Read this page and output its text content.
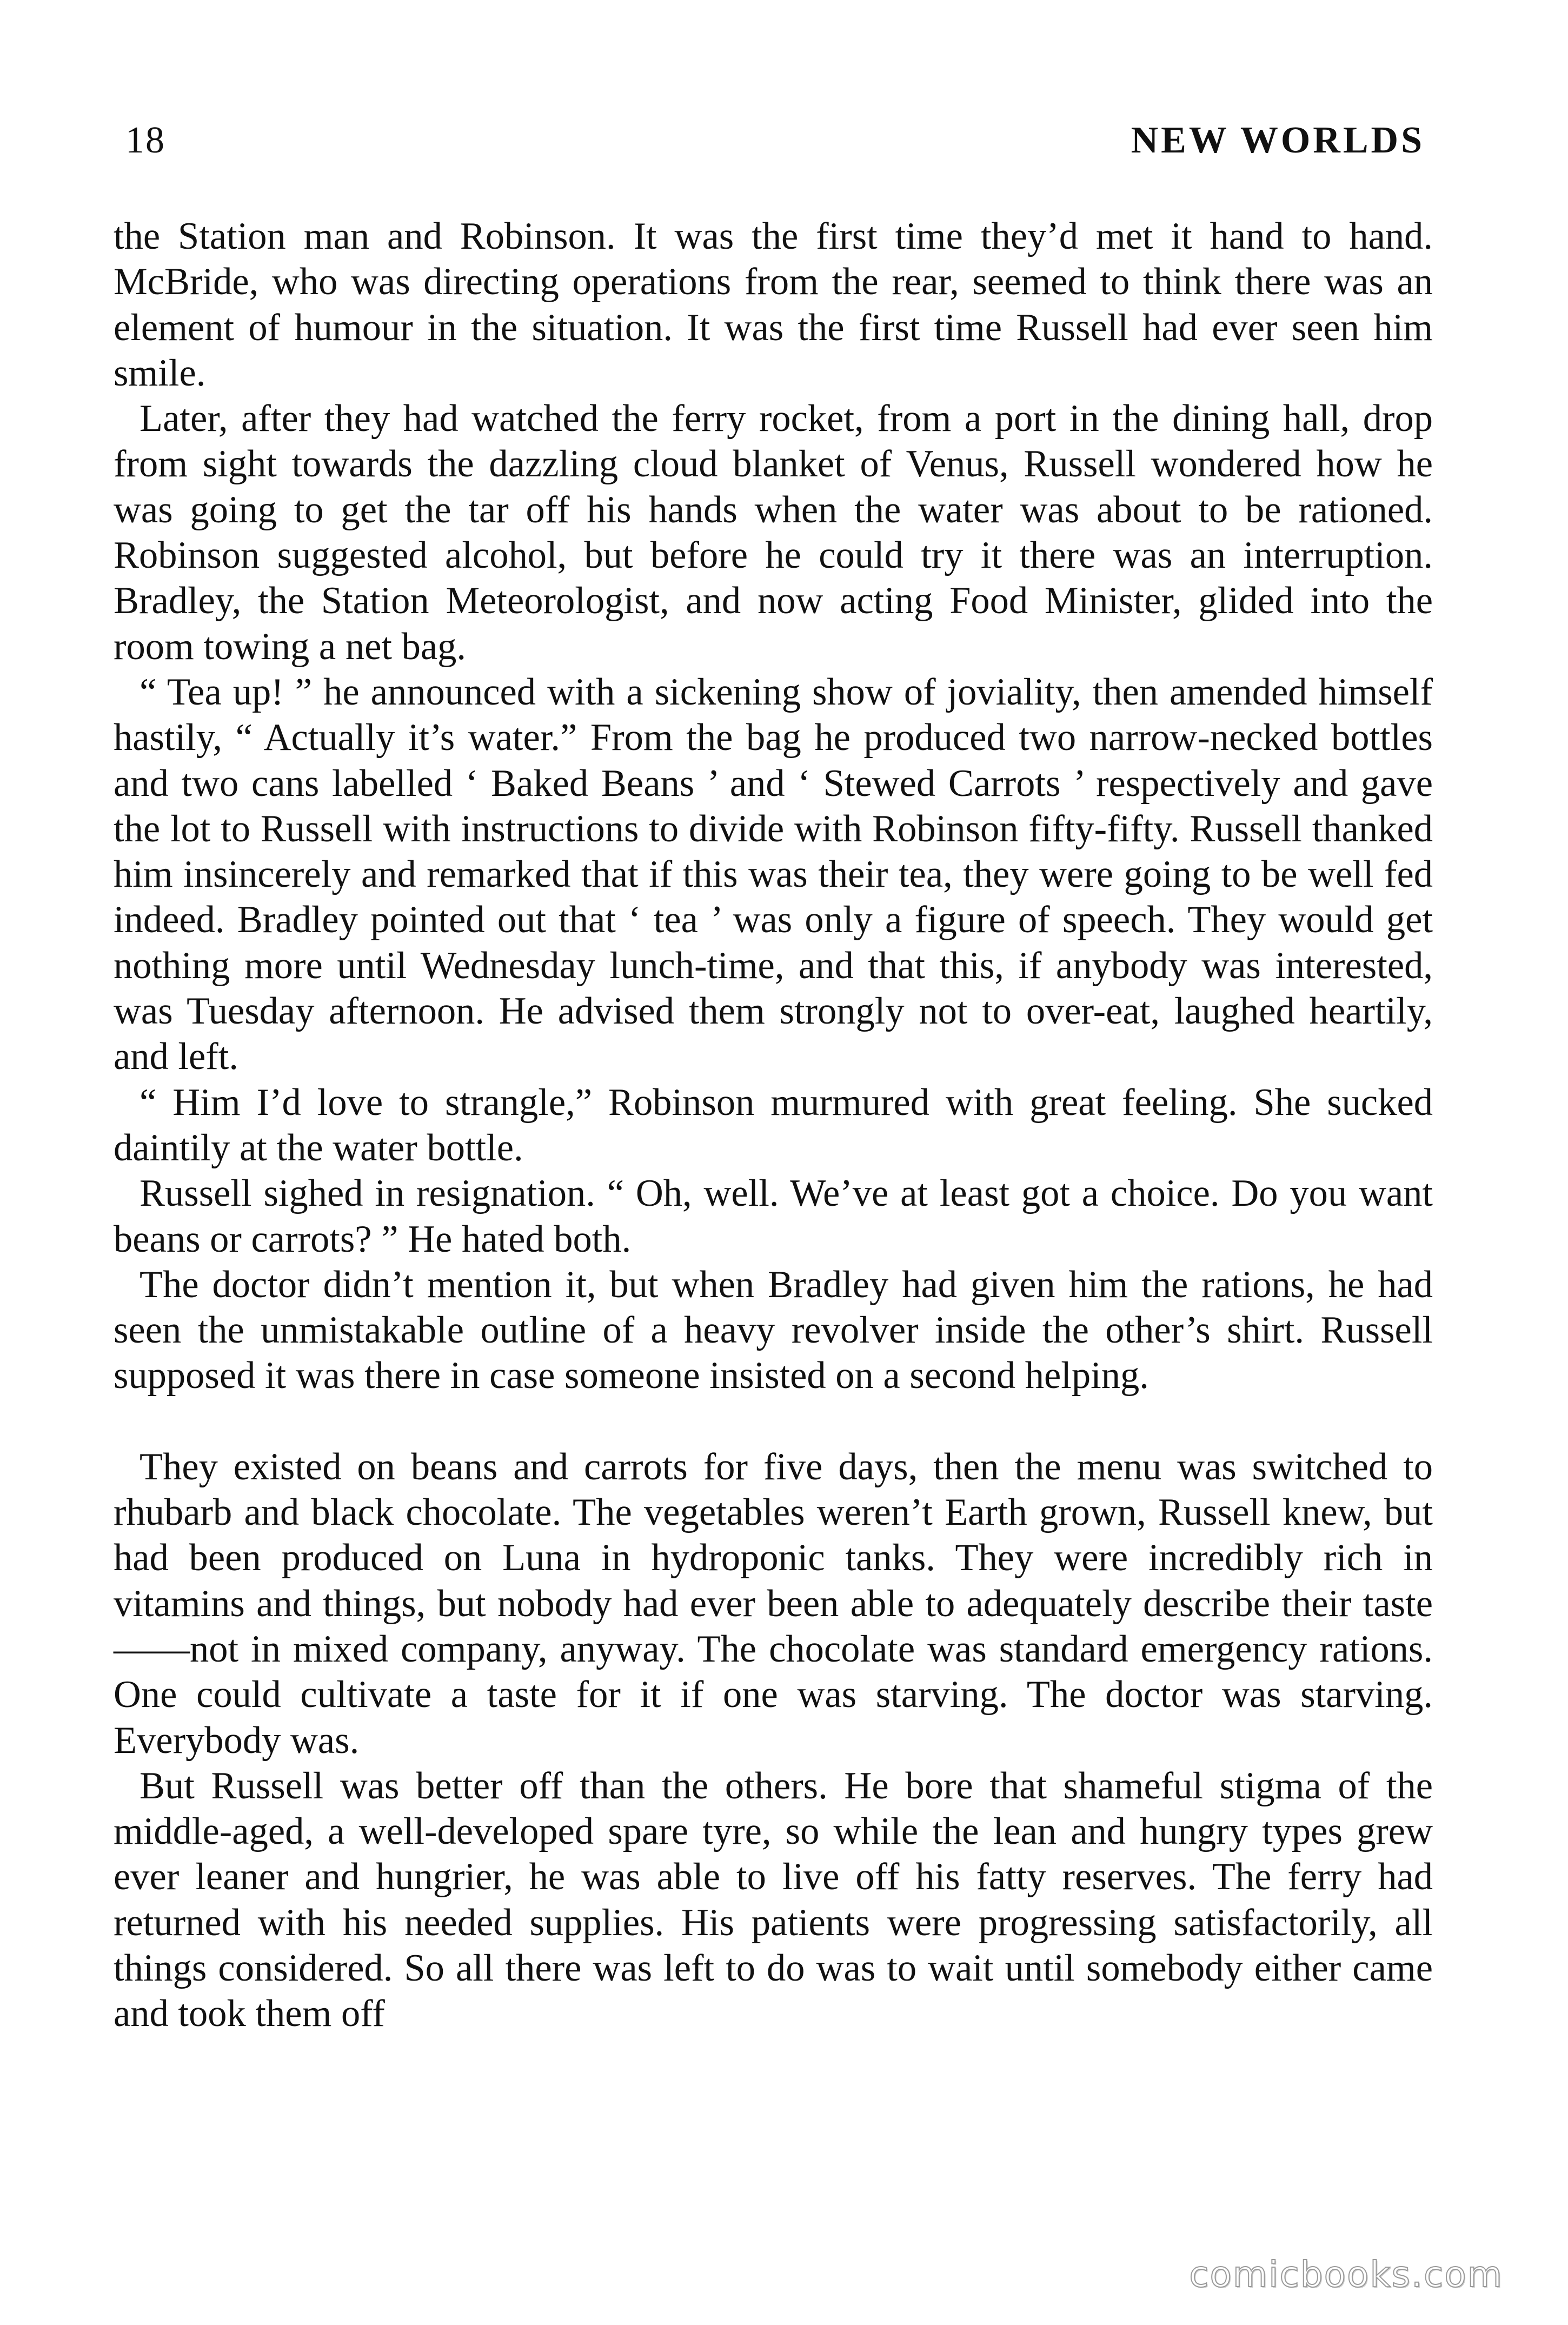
18	NEW WORLDS

the Station man and Robinson. It was the first time they’d met it hand to hand. McBride, who was directing operations from the rear, seemed to think there was an element of humour in the situation. It was the first time Russell had ever seen him smile.

Later, after they had watched the ferry rocket, from a port in the dining hall, drop from sight towards the dazzling cloud blanket of Venus, Russell wondered how he was going to get the tar off his hands when the water was about to be rationed. Robinson suggested alcohol, but before he could try it there was an interruption. Bradley, the Station Meteorologist, and now acting Food Minister, glided into the room towing a net bag.

“ Tea up! ” he announced with a sickening show of joviality, then amended himself hastily, “ Actually it’s water.” From the bag he produced two narrow-necked bottles and two cans labelled ‘ Baked Beans ’ and ‘ Stewed Carrots ’ respectively and gave the lot to Russell with instructions to divide with Robinson fifty-fifty. Russell thanked him insincerely and remarked that if this was their tea, they were going to be well fed indeed. Bradley pointed out that ‘ tea ’ was only a figure of speech. They would get nothing more until Wednesday lunch-time, and that this, if anybody was interested, was Tuesday afternoon. He advised them strongly not to over-eat, laughed heartily, and left.

“ Him I’d love to strangle,” Robinson murmured with great feeling. She sucked daintily at the water bottle.

Russell sighed in resignation. “ Oh, well. We’ve at least got a choice. Do you want beans or carrots? ” He hated both.

The doctor didn’t mention it, but when Bradley had given him the rations, he had seen the unmistakable outline of a heavy revolver inside the other’s shirt. Russell supposed it was there in case someone insisted on a second helping.

They existed on beans and carrots for five days, then the menu was switched to rhubarb and black chocolate. The vegetables weren’t Earth grown, Russell knew, but had been produced on Luna in hydroponic tanks. They were incredibly rich in vitamins and things, but nobody had ever been able to adequately describe their taste——not in mixed company, anyway. The chocolate was standard emergency rations. One could cultivate a taste for it if one was starving. The doctor was starving. Everybody was.

But Russell was better off than the others. He bore that shameful stigma of the middle-aged, a well-developed spare tyre, so while the lean and hungry types grew ever leaner and hungrier, he was able to live off his fatty reserves. The ferry had returned with his needed supplies. His patients were progressing satisfactorily, all things considered. So all there was left to do was to wait until somebody either came and took them off

comicbooks.com
